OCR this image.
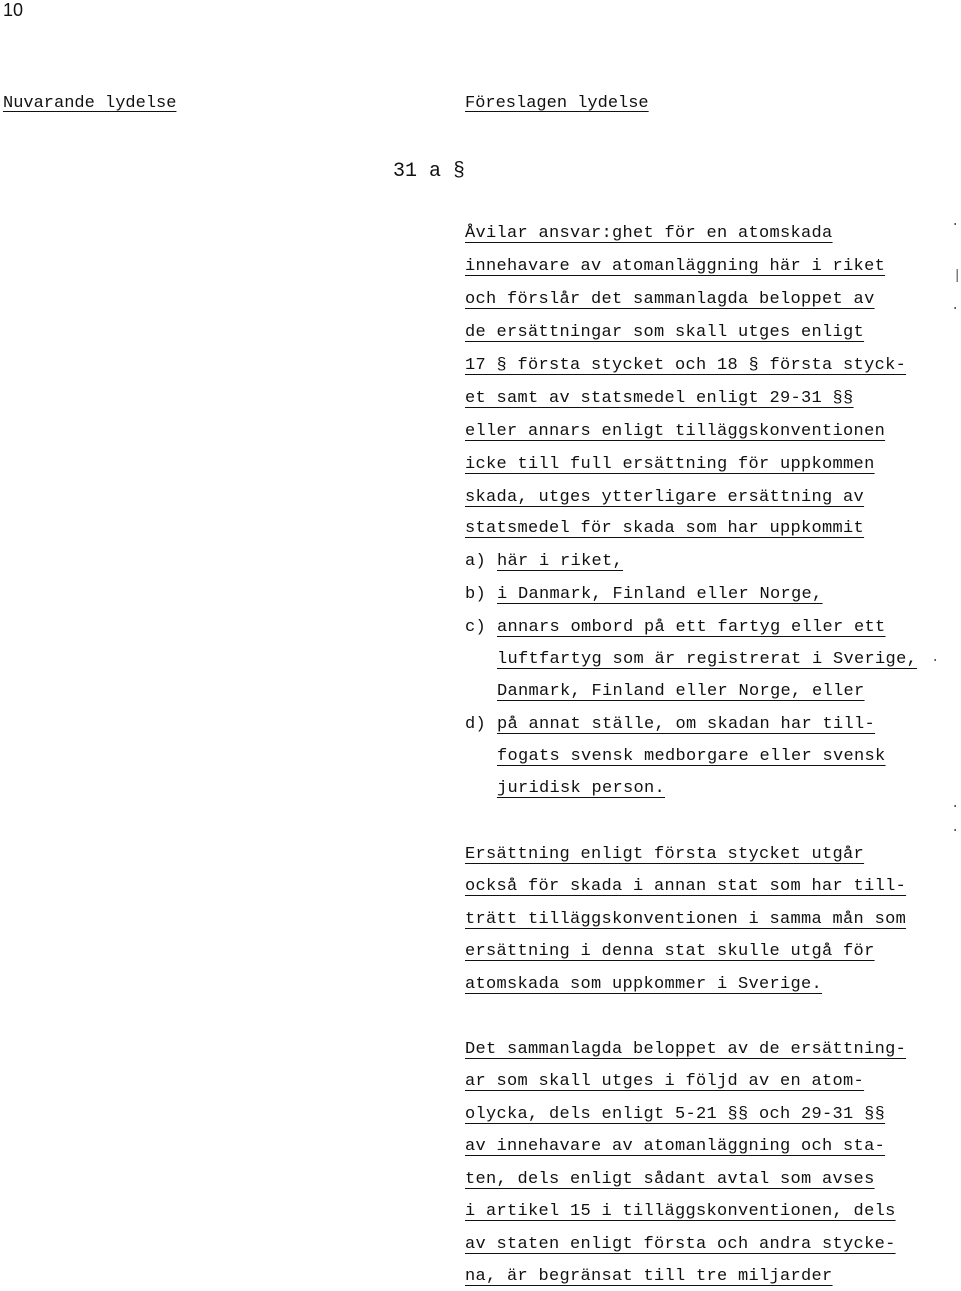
10
Nuvarande lydelse	Föreslagen lydelse
31 a §
Åvilar ansvar:ghet för en atomskada
innehavare av atomanläggning här i riket
och förslår det sammanlagda beloppet av
de ersättningar som skall utges enligt
17 § första stycket och 18 § första styck-
et samt av statsmedel enligt 29-31 §§
eller annars enligt tilläggskonventionen
icke till full ersättning för uppkommen
skada, utges ytterligare ersättning av
statsmedel för skada som har uppkommit
a) här i riket,
b) i Danmark, Finland eller Norge,
c) annars ombord på ett fartyg eller ett
luftfartyg som är registrerat i Sverige,
Danmark, Finland eller Norge, eller
d) på annat ställe, om skadan har till-
fogats svensk medborgare eller svensk
juridisk person.
Ersättning enligt första stycket utgår
också för skada i annan stat som har till-
trätt tilläggskonventionen i samma mån som
ersättning i denna stat skulle utgå för
atomskada som uppkommer i Sverige.
Det sammanlagda beloppet av de ersättning-
ar som skall utges i följd av en atom-
olycka, dels enligt 5-21 §§ och 29-31 §§
av innehavare av atomanläggning och sta-
ten, dels enligt sådant avtal som avses
i artikel 15 i tilläggskonventionen, dels
av staten enligt första och andra stycke-
na, är begränsat till tre miljarder
|
.
.
.
.
.
